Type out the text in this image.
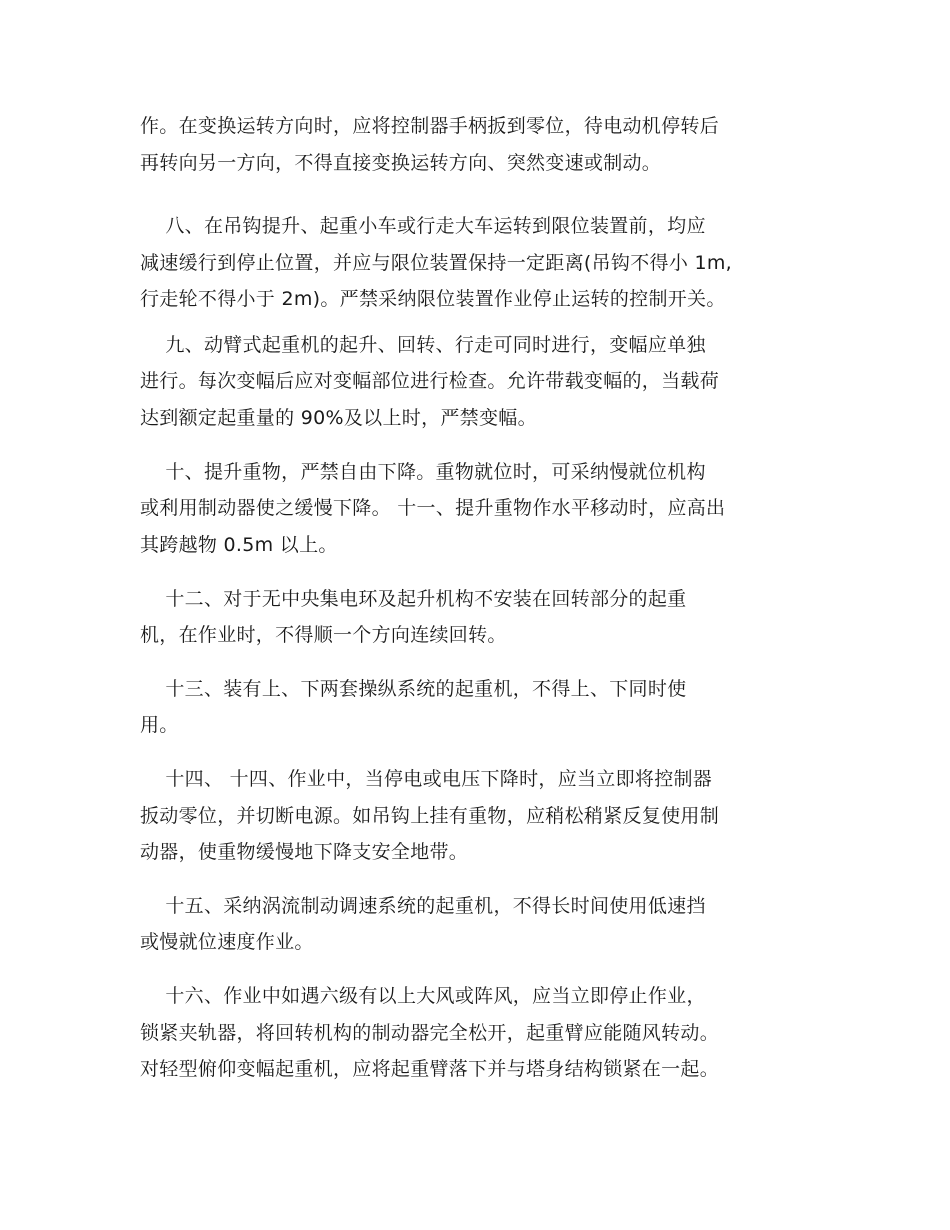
作。在变换运转方向时，应将控制器手柄扳到零位，待电动机停转后
再转向另一方向，不得直接变换运转方向、突然变速或制动。
八、在吊钩提升、起重小车或行走大车运转到限位装置前，均应
减速缓行到停止位置，并应与限位装置保持一定距离(吊钩不得小 1m,
行走轮不得小于 2m)。严禁采纳限位装置作业停止运转的控制开关。
九、动臂式起重机的起升、回转、行走可同时进行，变幅应单独
进行。每次变幅后应对变幅部位进行检查。允许带载变幅的，当载荷
达到额定起重量的 90%及以上时，严禁变幅。
十、提升重物，严禁自由下降。重物就位时，可采纳慢就位机构
或利用制动器使之缓慢下降。 十一、提升重物作水平移动时，应高出
其跨越物 0.5m 以上。
十二、对于无中央集电环及起升机构不安装在回转部分的起重
机，在作业时，不得顺一个方向连续回转。
十三、装有上、下两套操纵系统的起重机，不得上、下同时使
用。
十四、 十四、作业中，当停电或电压下降时，应当立即将控制器
扳动零位，并切断电源。如吊钩上挂有重物，应稍松稍紧反复使用制
动器，使重物缓慢地下降支安全地带。
十五、采纳涡流制动调速系统的起重机，不得长时间使用低速挡
或慢就位速度作业。
十六、作业中如遇六级有以上大风或阵风，应当立即停止作业，
锁紧夹轨器，将回转机构的制动器完全松开，起重臂应能随风转动。
对轻型俯仰变幅起重机，应将起重臂落下并与塔身结构锁紧在一起。
